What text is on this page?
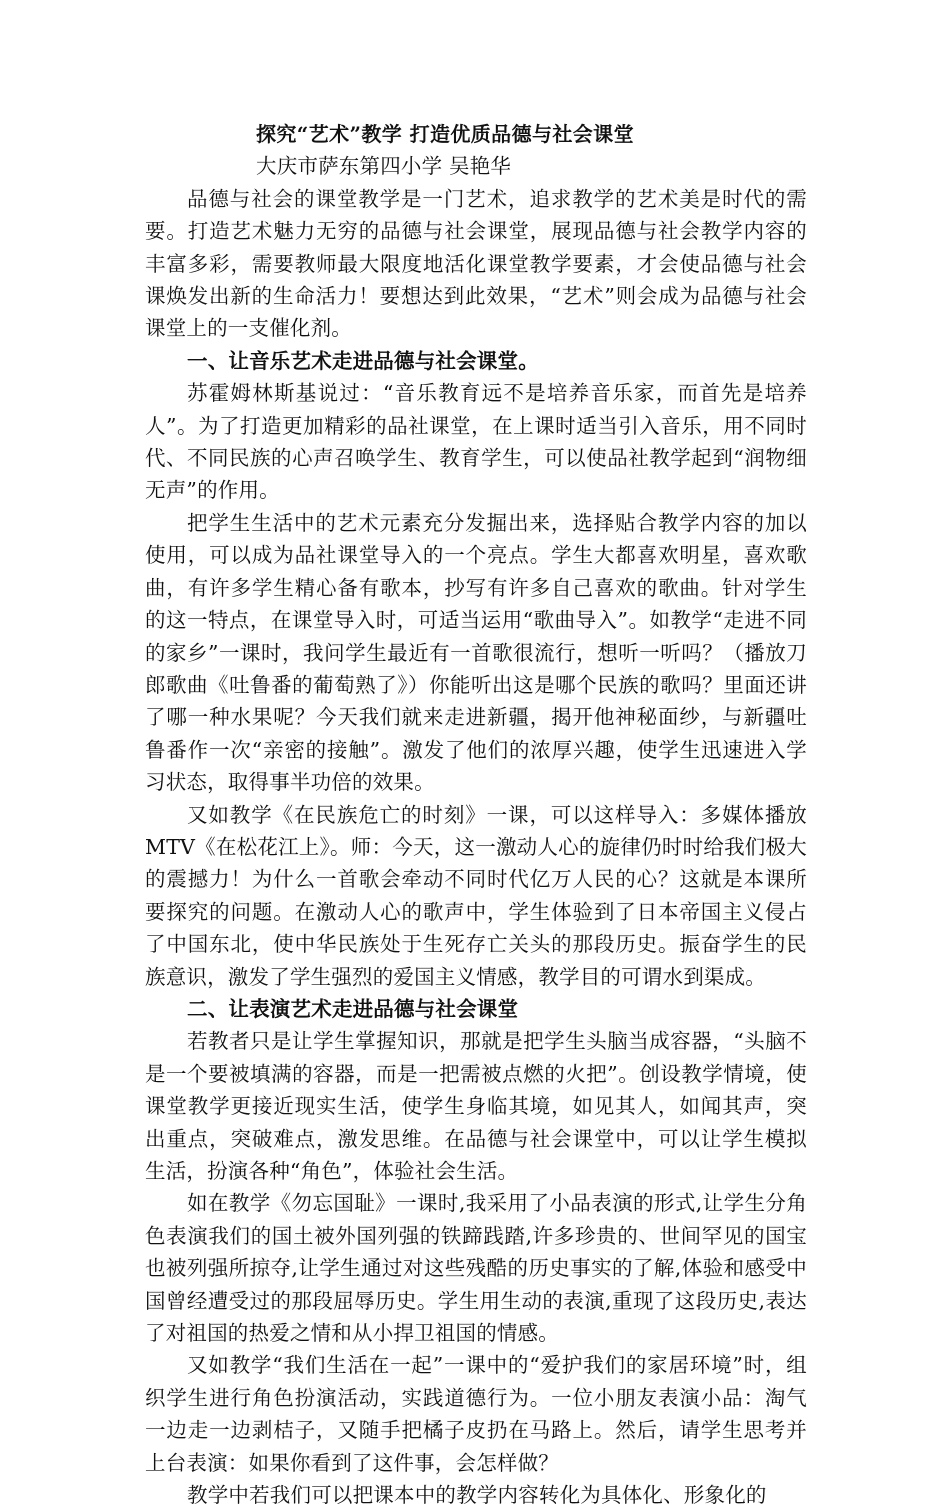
探究“艺术”教学 打造优质品德与社会课堂
大庆市萨东第四小学 吴艳华

品德与社会的课堂教学是一门艺术，追求教学的艺术美是时代的需要。打造艺术魅力无穷的品德与社会课堂，展现品德与社会教学内容的丰富多彩，需要教师最大限度地活化课堂教学要素，才会使品德与社会课焕发出新的生命活力！要想达到此效果，“艺术”则会成为品德与社会课堂上的一支催化剂。

一、让音乐艺术走进品德与社会课堂。

苏霍姆林斯基说过：“音乐教育远不是培养音乐家，而首先是培养人”。为了打造更加精彩的品社课堂，在上课时适当引入音乐，用不同时代、不同民族的心声召唤学生、教育学生，可以使品社教学起到“润物细无声”的作用。

把学生生活中的艺术元素充分发掘出来，选择贴合教学内容的加以使用，可以成为品社课堂导入的一个亮点。学生大都喜欢明星，喜欢歌曲，有许多学生精心备有歌本，抄写有许多自己喜欢的歌曲。针对学生的这一特点，在课堂导入时，可适当运用“歌曲导入”。如教学“走进不同的家乡”一课时，我问学生最近有一首歌很流行，想听一听吗？（播放刀郎歌曲《吐鲁番的葡萄熟了》）你能听出这是哪个民族的歌吗？里面还讲了哪一种水果呢？今天我们就来走进新疆，揭开他神秘面纱，与新疆吐鲁番作一次“亲密的接触”。激发了他们的浓厚兴趣，使学生迅速进入学习状态，取得事半功倍的效果。

又如教学《在民族危亡的时刻》一课，可以这样导入：多媒体播放MTV《在松花江上》。师：今天，这一激动人心的旋律仍时时给我们极大的震撼力！为什么一首歌会牵动不同时代亿万人民的心？这就是本课所要探究的问题。在激动人心的歌声中，学生体验到了日本帝国主义侵占了中国东北，使中华民族处于生死存亡关头的那段历史。振奋学生的民族意识，激发了学生强烈的爱国主义情感，教学目的可谓水到渠成。

二、让表演艺术走进品德与社会课堂

若教者只是让学生掌握知识，那就是把学生头脑当成容器，“头脑不是一个要被填满的容器，而是一把需被点燃的火把”。创设教学情境，使课堂教学更接近现实生活，使学生身临其境，如见其人，如闻其声，突出重点，突破难点，激发思维。在品德与社会课堂中，可以让学生模拟生活，扮演各种“角色”，体验社会生活。

如在教学《勿忘国耻》一课时,我采用了小品表演的形式,让学生分角色表演我们的国土被外国列强的铁蹄践踏,许多珍贵的、世间罕见的国宝也被列强所掠夺,让学生通过对这些残酷的历史事实的了解,体验和感受中国曾经遭受过的那段屈辱历史。学生用生动的表演,重现了这段历史,表达了对祖国的热爱之情和从小捍卫祖国的情感。

又如教学“我们生活在一起”一课中的“爱护我们的家居环境”时，组织学生进行角色扮演活动，实践道德行为。一位小朋友表演小品：淘气一边走一边剥桔子，又随手把橘子皮扔在马路上。然后，请学生思考并上台表演：如果你看到了这件事，会怎样做？

教学中若我们可以把课本中的教学内容转化为具体化、形象化的
